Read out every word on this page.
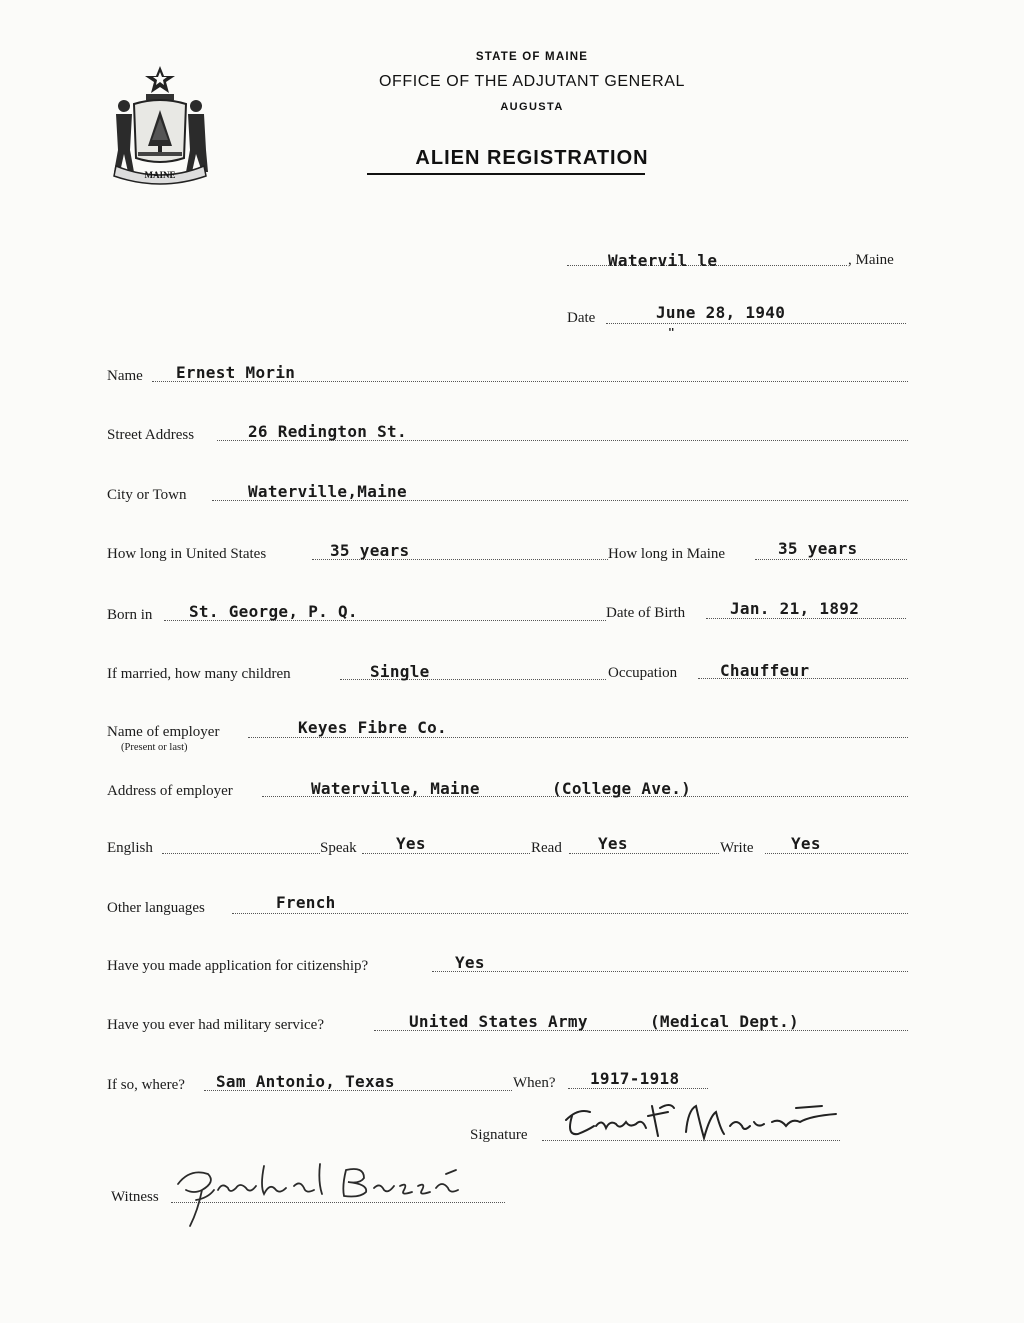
MAINE
STATE OF MAINE
OFFICE OF THE ADJUTANT GENERAL
AUGUSTA
ALIEN REGISTRATION
Watervil le	, Maine
Date	June 28, 1940
"
Name Ernest Morin
Street Address	26 Redington St.
City or Town	Waterville,Maine
How long in United States	35 years	How long in Maine	35 years
Born in St. George, P. Q.	Date of Birth	Jan. 21, 1892
If married, how many children	Single	Occupation	Chauffeur
Name of employer
(Present or last)
Keyes Fibre Co.
Address of employer	Waterville, Maine	(College Ave.)
English	Speak Yes	Read Yes	Write Yes
Other languages	French
Have you made application for citizenship?	Yes
Have you ever had military service?	United States Army	(Medical Dept.)
If so, where? Sam Antonio, Texas	When? 1917-1918
Signature
Witness
